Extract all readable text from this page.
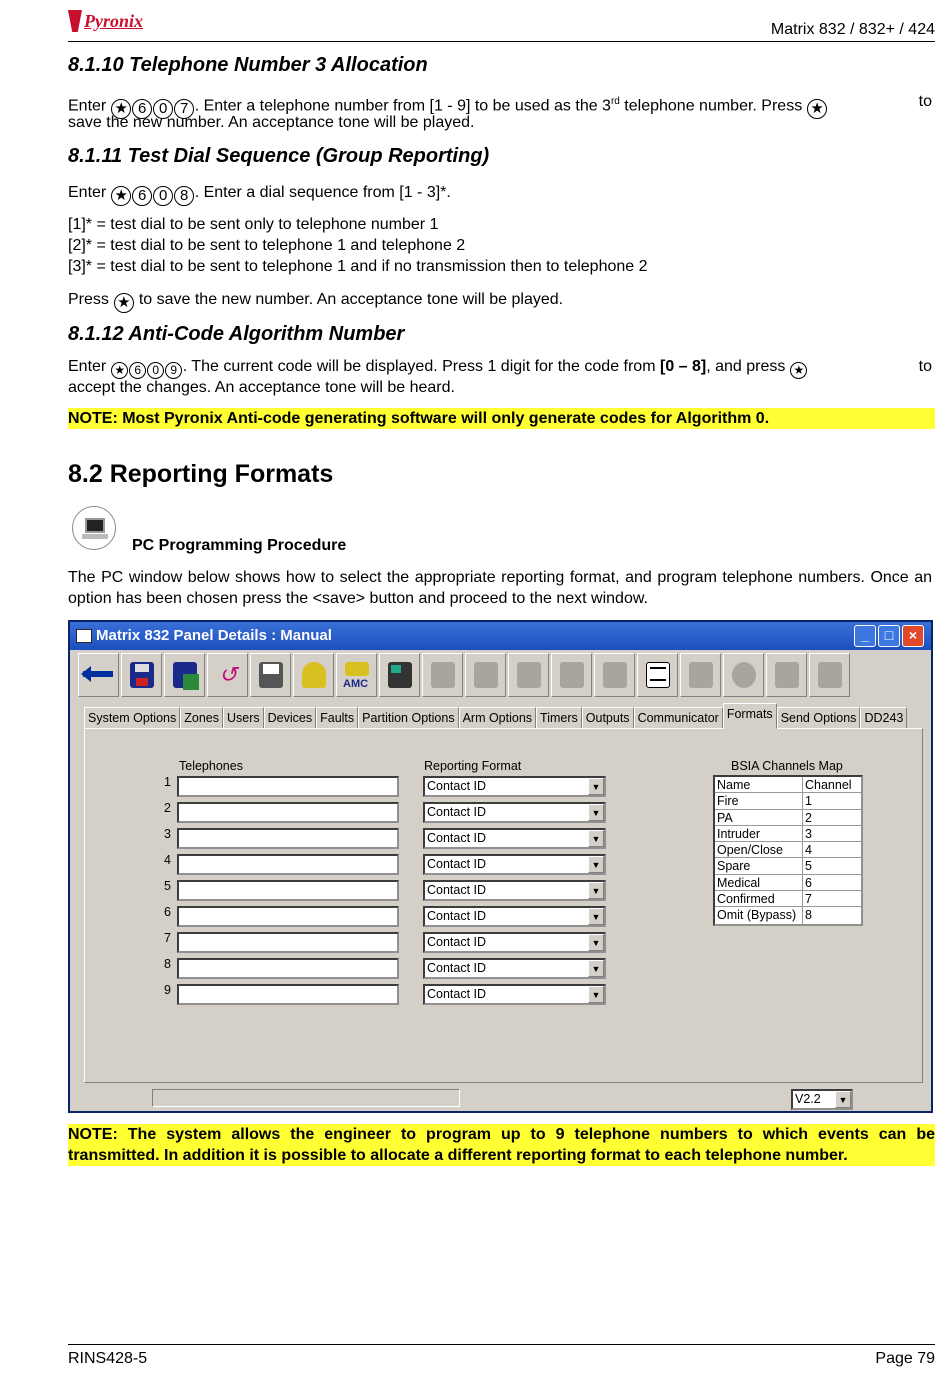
Pyronix	Matrix 832 / 832+ / 424
8.1.10 Telephone Number 3 Allocation
Enter ★ 6 0 7 . Enter a telephone number from [1 - 9] to be used as the 3rd telephone number. Press ★	to
save the new number. An acceptance tone will be played.
8.1.11 Test Dial Sequence (Group Reporting)
Enter ★ 6 0 8 . Enter a dial sequence from [1 - 3]*.
[1]* = test dial to be sent only to telephone number 1
[2]* = test dial to be sent to telephone 1 and telephone 2
[3]* = test dial to be sent to telephone 1 and if no transmission then to telephone 2
Press ★ to save the new number. An acceptance tone will be played.
8.1.12 Anti-Code Algorithm Number
Enter ★ 6 0 9 . The current code will be displayed. Press 1 digit for the code from [0 – 8], and press ★	to
accept the changes. An acceptance tone will be heard.
NOTE: Most Pyronix Anti-code generating software will only generate codes for Algorithm 0.
8.2 Reporting Formats
PC Programming Procedure
The PC window below shows how to select the appropriate reporting format, and program telephone numbers. Once an option has been chosen press the <save> button and proceed to the next window.
Matrix 832 Panel Details : Manual	_	□	×
↺	AMC
System Options Zones Users Devices Faults Partition Options Arm Options Timers Outputs Communicator Formats Send Options DD243
Telephones	Reporting Format	BSIA Channels Map
1	Contact ID	▼
2	Contact ID	▼
3	Contact ID	▼
4	Contact ID	▼
5	Contact ID	▼
6	Contact ID	▼
7	Contact ID	▼
8	Contact ID	▼
9	Contact ID	▼
Name	Channel
Fire	1
PA	2
Intruder	3
Open/Close	4
Spare	5
Medical	6
Confirmed	7
Omit (Bypass) 8
V2.2	▼
NOTE: The system allows the engineer to program up to 9 telephone numbers to which events can be transmitted. In addition it is possible to allocate a different reporting format to each telephone number.
RINS428-5	Page 79
